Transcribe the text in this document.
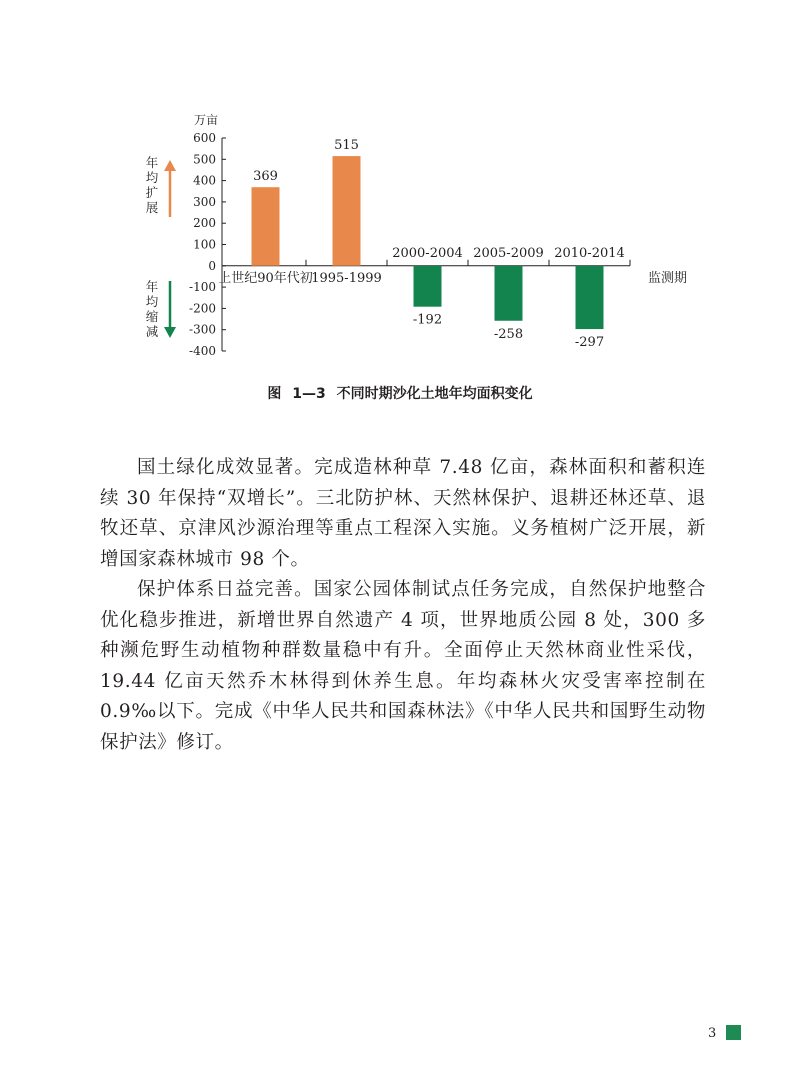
万亩
600
500
400
300
200
100
0
-100
-200
-300
-400
369
上世纪90年代初
515
1995-1999
-192
2000-2004
-258
2005-2009
-297
2010-2014
监测期
年
均
扩
展
年
均
缩
减
图 1—3 不同时期沙化土地年均面积变化

国土绿化成效显著。完成造林种草 7.48 亿亩，森林面积和蓄积连续 30 年保持“双增长”。三北防护林、天然林保护、退耕还林还草、退牧还草、京津风沙源治理等重点工程深入实施。义务植树广泛开展，新增国家森林城市 98 个。

保护体系日益完善。国家公园体制试点任务完成，自然保护地整合优化稳步推进，新增世界自然遗产 4 项，世界地质公园 8 处，300 多种濒危野生动植物种群数量稳中有升。全面停止天然林商业性采伐，19.44 亿亩天然乔木林得到休养生息。年均森林火灾受害率控制在 0.9‰以下。完成《中华人民共和国森林法》《中华人民共和国野生动物保护法》修订。

3
